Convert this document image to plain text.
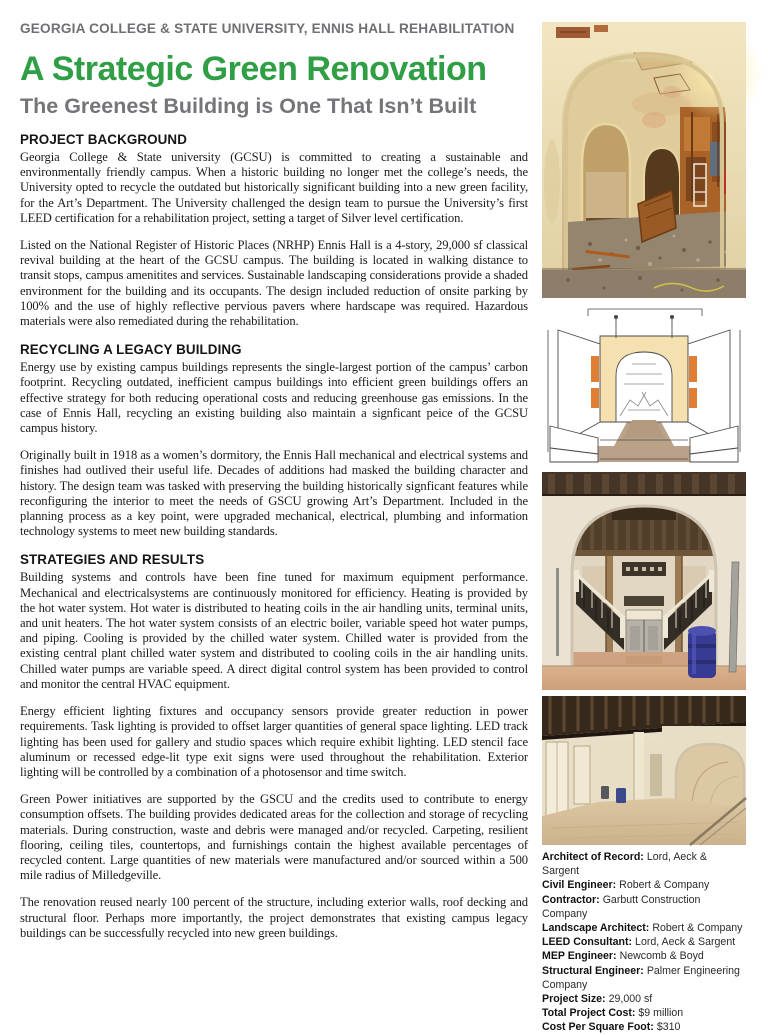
GEORGIA COLLEGE & STATE UNIVERSITY, ENNIS HALL REHABILITATION
A Strategic Green Renovation
The Greenest Building is One That Isn’t Built
PROJECT BACKGROUND

Georgia College & State university (GCSU) is committed to creating a sustainable and environmentally friendly campus. When a historic building no longer met the college’s needs, the University opted to recycle the outdated but historically significant building into a new green facility, for the Art’s Department. The University challenged the design team to pursue the University’s first LEED certification for a rehabilitation project, setting a target of Silver level certification.

Listed on the National Register of Historic Places (NRHP) Ennis Hall is a 4-story, 29,000 sf classical revival building at the heart of the GCSU campus. The building is located in walking distance to transit stops, campus amenitites and services. Sustainable landscaping considerations provide a shaded environment for the building and its occupants. The design included reduction of onsite parking by 100% and the use of highly reflective pervious pavers where hardscape was required. Hazardous materials were also remediated during the rehabilitation.

RECYCLING A LEGACY BUILDING

Energy use by existing campus buildings represents the single-largest portion of the campus’ carbon footprint. Recycling outdated, inefficient campus buildings into efficient green buildings offers an effective strategy for both reducing operational costs and reducing greenhouse gas emissions. In the case of Ennis Hall, recycling an existing building also maintain a signficant peice of the GCSU campus history.

Originally built in 1918 as a women’s dormitory, the Ennis Hall mechanical and electrical systems and finishes had outlived their useful life. Decades of additions had masked the building character and history. The design team was tasked with preserving the building historically signficant features while reconfiguring the interior to meet the needs of GSCU growing Art’s Department. Included in the planning process as a key point, were upgraded mechanical, electrical, plumbing and information technology systems to meet new building standards.

STRATEGIES AND RESULTS

Building systems and controls have been fine tuned for maximum equipment performance. Mechanical and electricalsystems are continuously monitored for efficiency. Heating is provided by the hot water system. Hot water is distributed to heating coils in the air handling units, terminal units, and unit heaters. The hot water system consists of an electric boiler, variable speed hot water pumps, and piping. Cooling is provided by the chilled water system. Chilled water is provided from the existing central plant chilled water system and distributed to cooling coils in the air handling units. Chilled water pumps are variable speed. A direct digital control system has been provided to control and monitor the central HVAC equipment.

Energy efficient lighting fixtures and occupancy sensors provide greater reduction in power requirements. Task lighting is provided to offset larger quantities of general space lighting. LED track lighting has been used for gallery and studio spaces which require exhibit lighting. LED stencil face aluminum or recessed edge-lit type exit signs were used throughout the rehabilitation. Exterior lighting will be controlled by a combination of a photosensor and time switch.

Green Power initiatives are supported by the GSCU and the credits used to contribute to energy consumption offsets. The building provides dedicated areas for the collection and storage of recycling materials. During construction, waste and debris were managed and/or recycled. Carpeting, resilient flooring, ceiling tiles, countertops, and furnishings contain the highest available percentages of recycled content. Large quantities of new materials were manufactured and/or sourced within a 500 mile radius of Milledgeville.

The renovation reused nearly 100 percent of the structure, including exterior walls, roof decking and structural floor. Perhaps more importantly, the project demonstrates that existing campus legacy buildings can be successfully recycled into new green buildings.

Architect of Record: Lord, Aeck & Sargent
Civil Engineer: Robert & Company
Contractor: Garbutt Construction Company
Landscape Architect: Robert & Company
LEED Consultant: Lord, Aeck & Sargent
MEP Engineer: Newcomb & Boyd
Structural Engineer: Palmer Engineering Company
Project Size: 29,000 sf
Total Project Cost: $9 million
Cost Per Square Foot: $310
